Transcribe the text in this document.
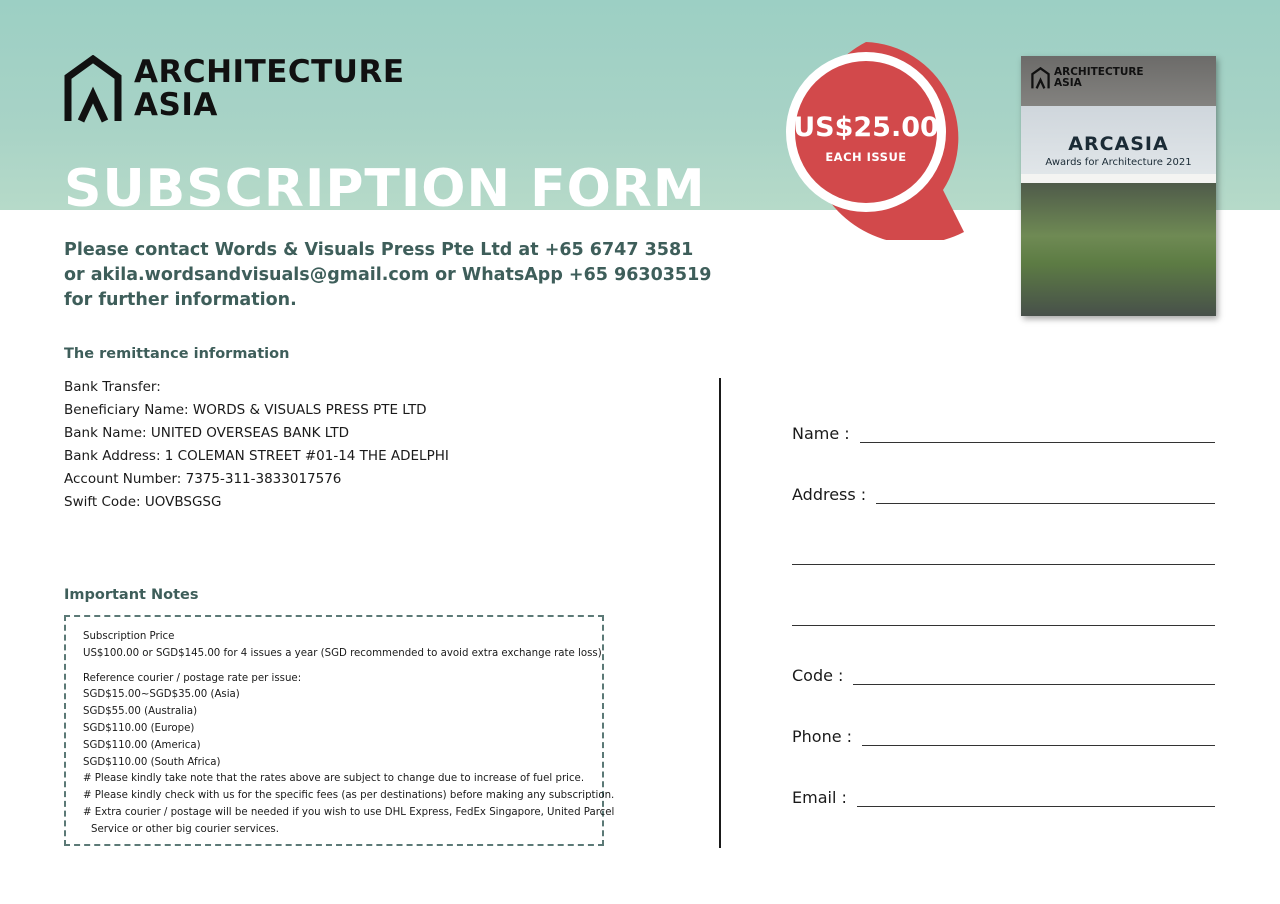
ARCHITECTURE
ASIA
SUBSCRIPTION FORM
Please contact Words & Visuals Press Pte Ltd at +65 6747 3581
or akila.wordsandvisuals@gmail.com or WhatsApp +65 96303519
for further information.
US$25.00
EACH ISSUE
ARCHITECTURE
ASIA
ARCASIA
Awards for Architecture 2021
The remittance information
Bank Transfer:
Beneficiary Name: WORDS & VISUALS PRESS PTE LTD
Bank Name: UNITED OVERSEAS BANK LTD
Bank Address: 1 COLEMAN STREET #01-14 THE ADELPHI
Account Number: 7375-311-3833017576
Swift Code: UOVBSGSG
Important Notes
Subscription Price
US$100.00 or SGD$145.00 for 4 issues a year (SGD recommended to avoid extra exchange rate loss)
Reference courier / postage rate per issue:
SGD$15.00~SGD$35.00 (Asia)
SGD$55.00 (Australia)
SGD$110.00 (Europe)
SGD$110.00 (America)
SGD$110.00 (South Africa)
# Please kindly take note that the rates above are subject to change due to increase of fuel price.
# Please kindly check with us for the specific fees (as per destinations) before making any subscription.
# Extra courier / postage will be needed if you wish to use DHL Express, FedEx Singapore, United Parcel
Service or other big courier services.
Name :
Address :
Code :
Phone :
Email :
